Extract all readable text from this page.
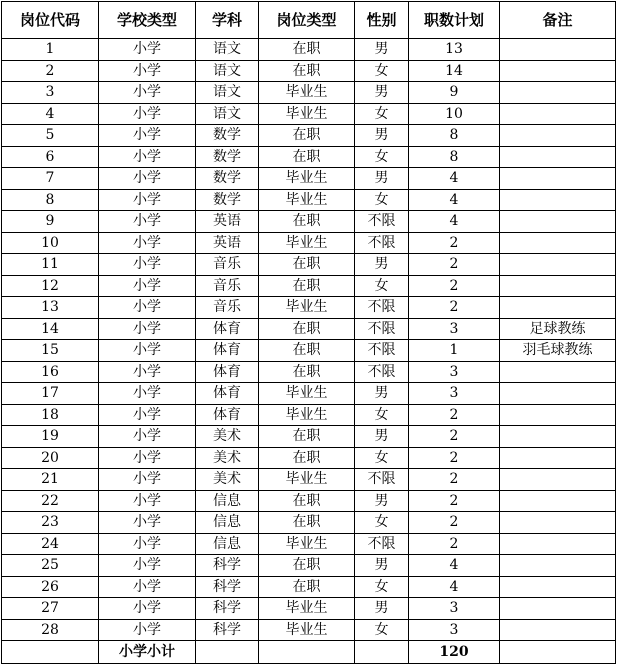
岗位代码	学校类型	学科	岗位类型	性别	职数计划	备注
1	小学	语文	在职	男	13	
2	小学	语文	在职	女	14	
3	小学	语文	毕业生	男	9	
4	小学	语文	毕业生	女	10	
5	小学	数学	在职	男	8	
6	小学	数学	在职	女	8	
7	小学	数学	毕业生	男	4	
8	小学	数学	毕业生	女	4	
9	小学	英语	在职	不限	4	
10	小学	英语	毕业生	不限	2	
11	小学	音乐	在职	男	2	
12	小学	音乐	在职	女	2	
13	小学	音乐	毕业生	不限	2	
14	小学	体育	在职	不限	3	足球教练
15	小学	体育	在职	不限	1	羽毛球教练
16	小学	体育	在职	不限	3	
17	小学	体育	毕业生	男	3	
18	小学	体育	毕业生	女	2	
19	小学	美术	在职	男	2	
20	小学	美术	在职	女	2	
21	小学	美术	毕业生	不限	2	
22	小学	信息	在职	男	2	
23	小学	信息	在职	女	2	
24	小学	信息	毕业生	不限	2	
25	小学	科学	在职	男	4	
26	小学	科学	在职	女	4	
27	小学	科学	毕业生	男	3	
28	小学	科学	毕业生	女	3	
	小学小计				120	
